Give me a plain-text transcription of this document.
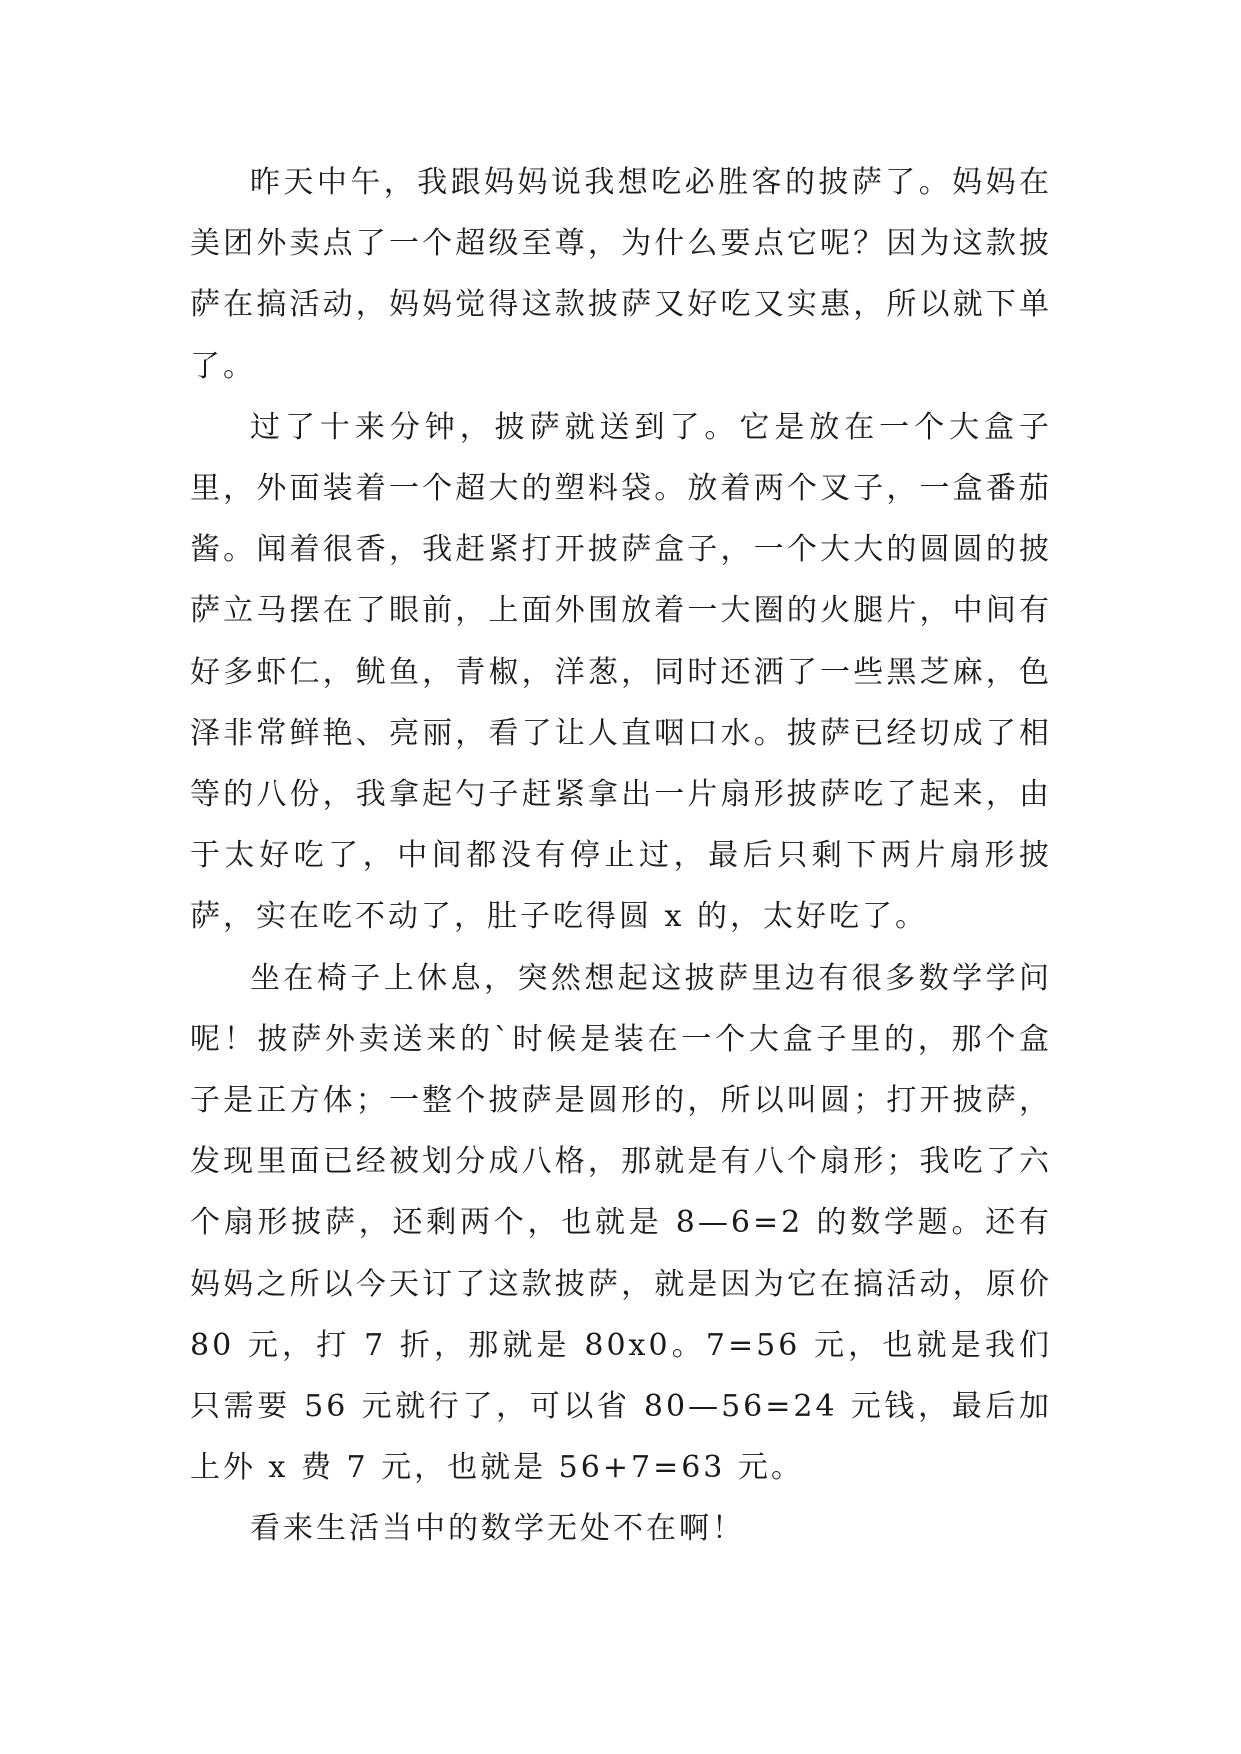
昨天中午，我跟妈妈说我想吃必胜客的披萨了。妈妈在美团外卖点了一个超级至尊，为什么要点它呢？因为这款披萨在搞活动，妈妈觉得这款披萨又好吃又实惠，所以就下单了。

过了十来分钟，披萨就送到了。它是放在一个大盒子里，外面装着一个超大的塑料袋。放着两个叉子，一盒番茄酱。闻着很香，我赶紧打开披萨盒子，一个大大的圆圆的披萨立马摆在了眼前，上面外围放着一大圈的火腿片，中间有好多虾仁，鱿鱼，青椒，洋葱，同时还洒了一些黑芝麻，色泽非常鲜艳、亮丽，看了让人直咽口水。披萨已经切成了相等的八份，我拿起勺子赶紧拿出一片扇形披萨吃了起来，由于太好吃了，中间都没有停止过，最后只剩下两片扇形披萨，实在吃不动了，肚子吃得圆 x 的，太好吃了。

坐在椅子上休息，突然想起这披萨里边有很多数学学问呢！披萨外卖送来的`时候是装在一个大盒子里的，那个盒子是正方体；一整个披萨是圆形的，所以叫圆；打开披萨，发现里面已经被划分成八格，那就是有八个扇形；我吃了六个扇形披萨，还剩两个，也就是 8—6=2 的数学题。还有妈妈之所以今天订了这款披萨，就是因为它在搞活动，原价 80 元，打 7 折，那就是 80x0。7=56 元，也就是我们只需要 56 元就行了，可以省 80—56=24 元钱，最后加上外 x 费 7 元，也就是 56+7=63 元。

看来生活当中的数学无处不在啊！
